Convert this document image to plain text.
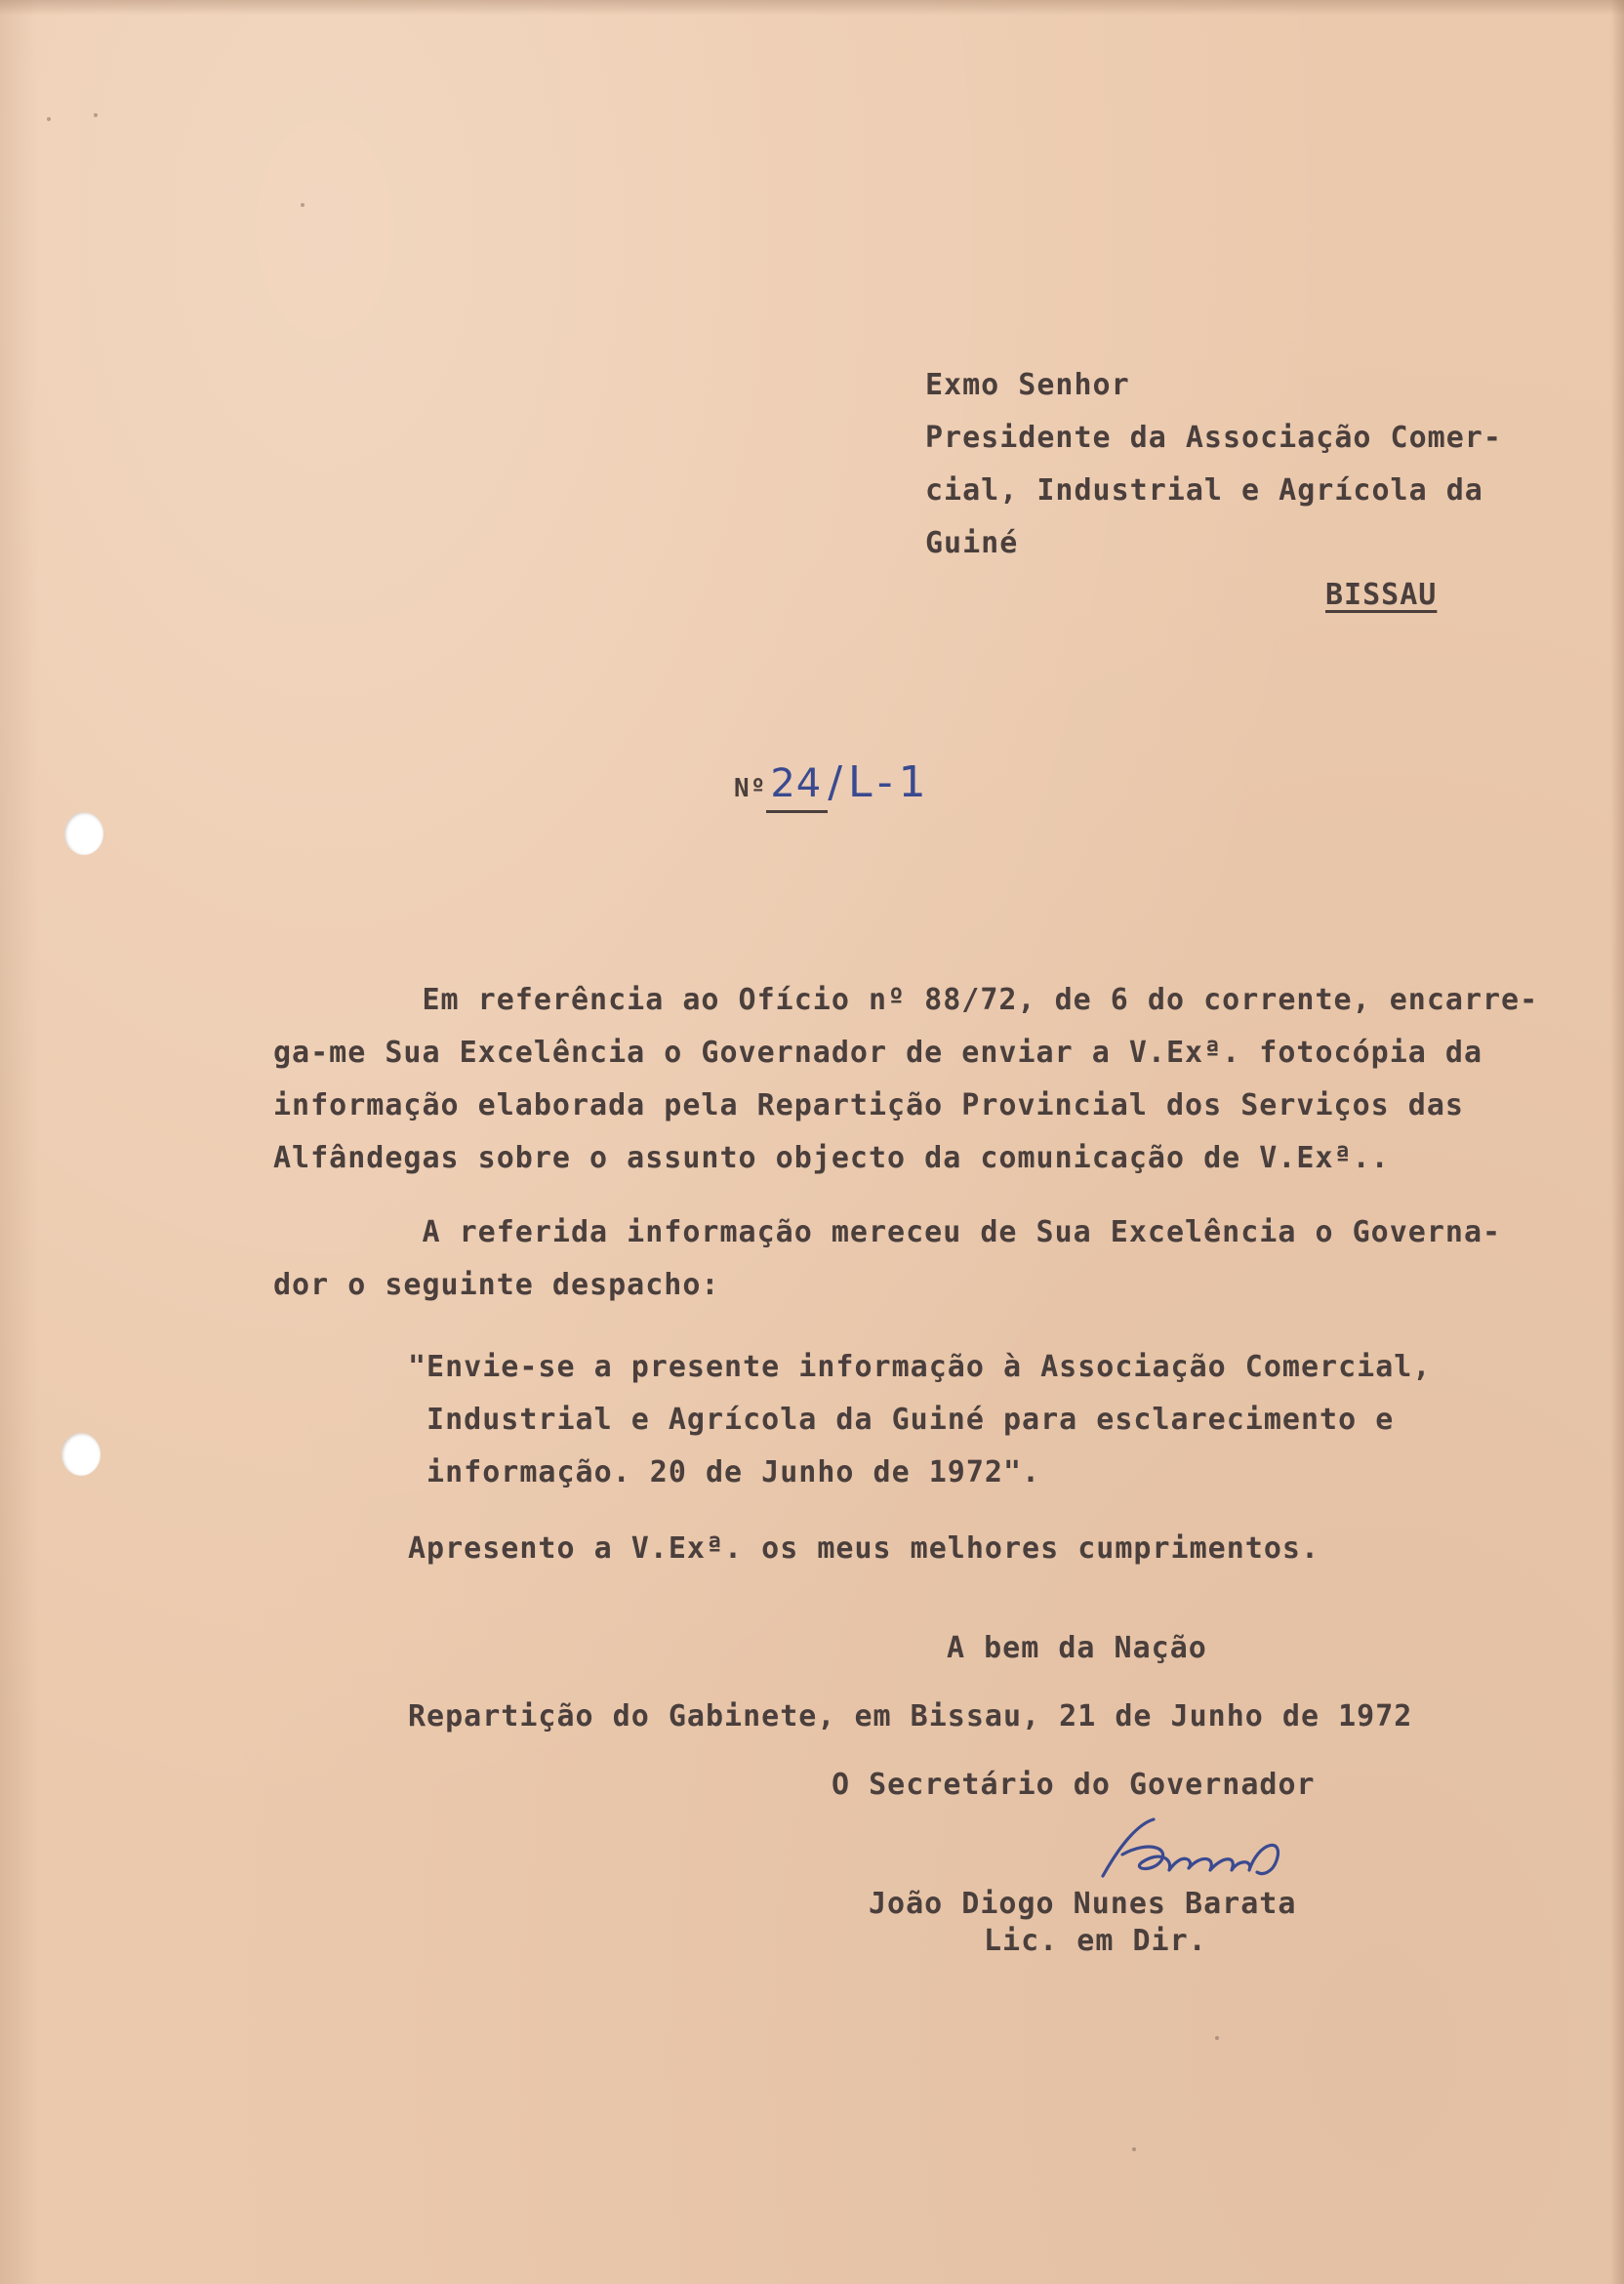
Exmo Senhor
Presidente da Associação Comer-
cial, Industrial e Agrícola da
Guiné
BISSAU
Nº 24 /L-1
Em referência ao Ofício nº 88/72, de 6 do corrente, encarre-
ga-me Sua Excelência o Governador de enviar a V.Exª. fotocópia da
informação elaborada pela Repartição Provincial dos Serviços das
Alfândegas sobre o assunto objecto da comunicação de V.Exª..
A referida informação mereceu de Sua Excelência o Governa-
dor o seguinte despacho:
"Envie-se a presente informação à Associação Comercial,
Industrial e Agrícola da Guiné para esclarecimento e
informação. 20 de Junho de 1972".
Apresento a V.Exª. os meus melhores cumprimentos.
A bem da Nação
Repartição do Gabinete, em Bissau, 21 de Junho de 1972
O Secretário do Governador
João Diogo Nunes Barata
Lic. em Dir.
